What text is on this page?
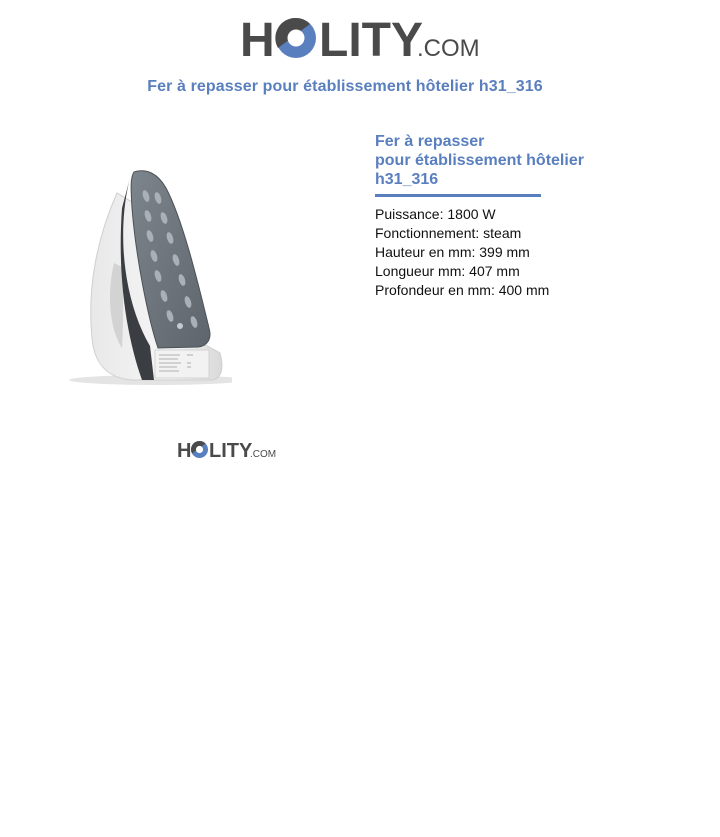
H LITY
.COM
Fer à repasser pour établissement hôtelier h31_316
H LITY
.COM
Fer à repasser
pour établissement hôtelier
h31_316
Puissance: 1800 W
Fonctionnement: steam
Hauteur en mm: 399 mm
Longueur mm: 407 mm
Profondeur en mm: 400 mm
